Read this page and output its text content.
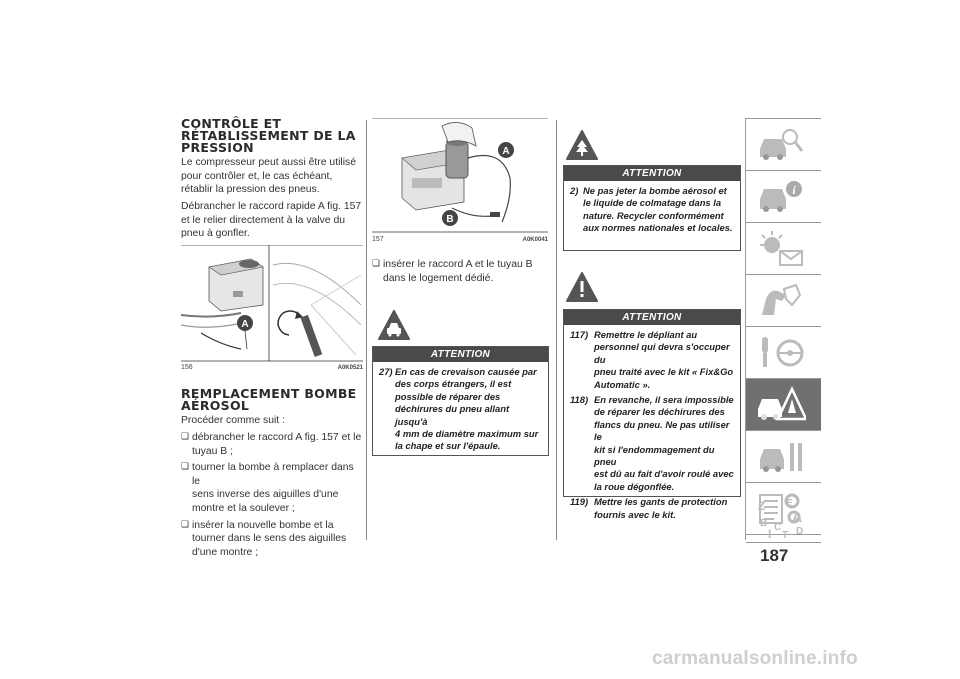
CONTRÔLE ET
RÉTABLISSEMENT DE LA
PRESSION
Le compresseur peut aussi être utilisé
pour contrôler et, le cas échéant,
rétablir la pression des pneus.
Débrancher le raccord rapide A fig. 157
et le relier directement à la valve du
pneu à gonfler.
A
156	A0K0521
REMPLACEMENT BOMBE
AÉROSOL
Procéder comme suit :
❏ débrancher le raccord A fig. 157 et le
tuyau B ;
❏ tourner la bombe à remplacer dans le
sens inverse des aiguilles d'une
montre et la soulever ;
❏ insérer la nouvelle bombe et la
tourner dans le sens des aiguilles
d'une montre ;
A
B
157	A0K0041
❏ insérer le raccord A et le tuyau B
dans le logement dédié.
ATTENTION
27) En cas de crevaison causée par
des corps étrangers, il est
possible de réparer des
déchirures du pneu allant jusqu'à
4 mm de diamètre maximum sur
la chape et sur l'épaule.
ATTENTION
2) Ne pas jeter la bombe aérosol et
le liquide de colmatage dans la
nature. Recycler conformément
aux normes nationales et locales.
ATTENTION
117) Remettre le dépliant au
personnel qui devra s'occuper du
pneu traité avec le kit « Fix&Go
Automatic ».
118) En revanche, il sera impossible
de réparer les déchirures des
flancs du pneu. Ne pas utiliser le
kit si l'endommagement du pneu
est dû au fait d'avoir roulé avec
la roue dégonflée.
119) Mettre les gants de protection
fournis avec le kit.
i
Z E
B A
C D
T
I
187
carmanualsonline.info
